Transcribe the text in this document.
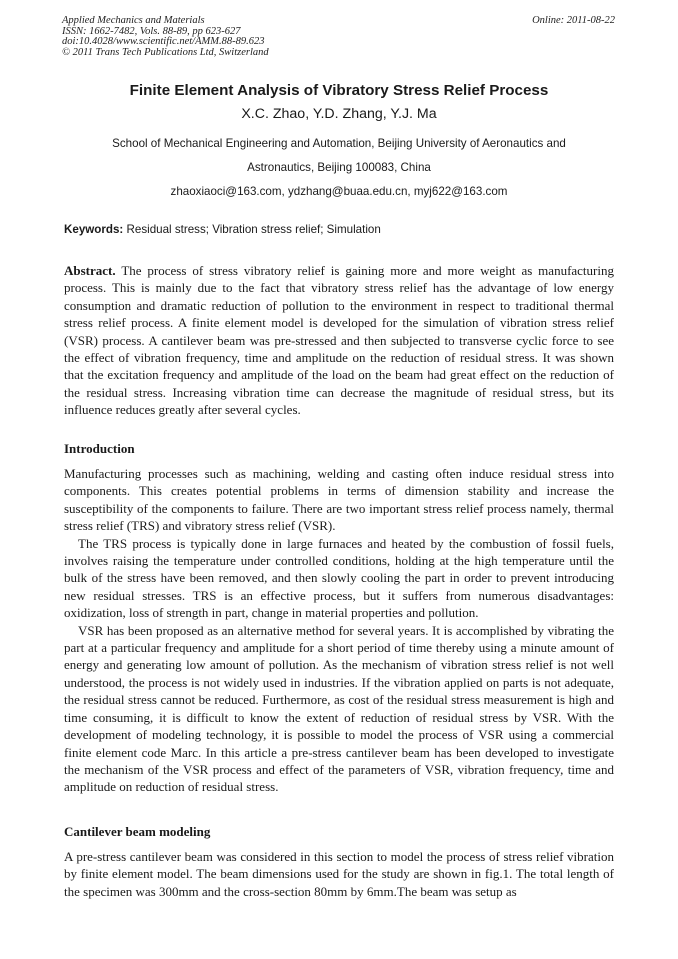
Applied Mechanics and Materials
ISSN: 1662-7482, Vols. 88-89, pp 623-627
doi:10.4028/www.scientific.net/AMM.88-89.623
© 2011 Trans Tech Publications Ltd, Switzerland
Online: 2011-08-22
Finite Element Analysis of Vibratory Stress Relief Process
X.C. Zhao, Y.D. Zhang, Y.J. Ma
School of Mechanical Engineering and Automation, Beijing University of Aeronautics and
Astronautics, Beijing 100083, China
zhaoxiaoci@163.com, ydzhang@buaa.edu.cn, myj622@163.com
Keywords: Residual stress; Vibration stress relief; Simulation

Abstract. The process of stress vibratory relief is gaining more and more weight as manufacturing process. This is mainly due to the fact that vibratory stress relief has the advantage of low energy consumption and dramatic reduction of pollution to the environment in respect to traditional thermal stress relief process. A finite element model is developed for the simulation of vibration stress relief (VSR) process. A cantilever beam was pre-stressed and then subjected to transverse cyclic force to see the effect of vibration frequency, time and amplitude on the reduction of residual stress. It was shown that the excitation frequency and amplitude of the load on the beam had great effect on the reduction of the residual stress. Increasing vibration time can decrease the magnitude of residual stress, but its influence reduces greatly after several cycles.

Introduction

Manufacturing processes such as machining, welding and casting often induce residual stress into components. This creates potential problems in terms of dimension stability and increase the susceptibility of the components to failure. There are two important stress relief process namely, thermal stress relief (TRS) and vibratory stress relief (VSR).

The TRS process is typically done in large furnaces and heated by the combustion of fossil fuels, involves raising the temperature under controlled conditions, holding at the high temperature until the bulk of the stress have been removed, and then slowly cooling the part in order to prevent introducing new residual stresses. TRS is an effective process, but it suffers from numerous disadvantages: oxidization, loss of strength in part, change in material properties and pollution.

VSR has been proposed as an alternative method for several years. It is accomplished by vibrating the part at a particular frequency and amplitude for a short period of time thereby using a minute amount of energy and generating low amount of pollution. As the mechanism of vibration stress relief is not well understood, the process is not widely used in industries. If the vibration applied on parts is not adequate, the residual stress cannot be reduced. Furthermore, as cost of the residual stress measurement is high and time consuming, it is difficult to know the extent of reduction of residual stress by VSR. With the development of modeling technology, it is possible to model the process of VSR using a commercial finite element code Marc. In this article a pre-stress cantilever beam has been developed to investigate the mechanism of the VSR process and effect of the parameters of VSR, vibration frequency, time and amplitude on reduction of residual stress.

Cantilever beam modeling

A pre-stress cantilever beam was considered in this section to model the process of stress relief vibration by finite element model. The beam dimensions used for the study are shown in fig.1. The total length of the specimen was 300mm and the cross-section 80mm by 6mm.The beam was setup as
